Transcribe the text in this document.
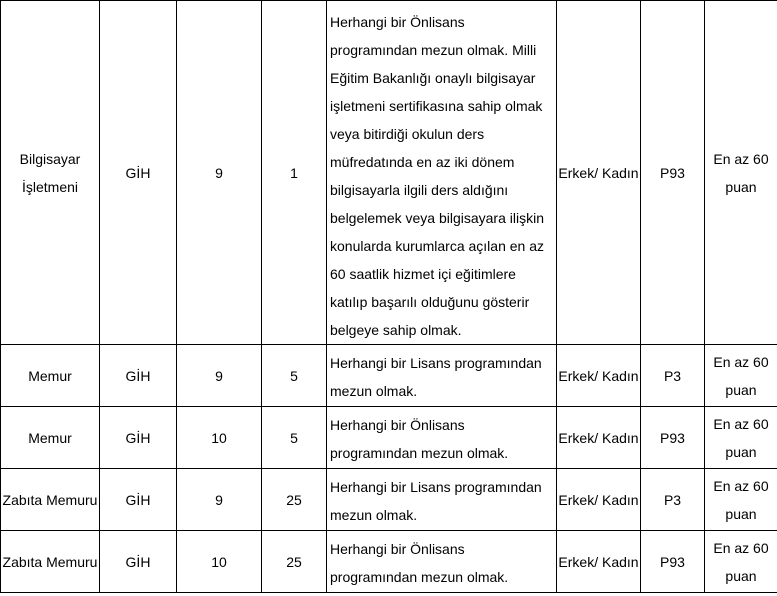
Bilgisayar İşletmeni	GİH	9	1	Herhangi bir Önlisans programından mezun olmak. Milli Eğitim Bakanlığı onaylı bilgisayar işletmeni sertifikasına sahip olmak veya bitirdiği okulun ders müfredatında en az iki dönem bilgisayarla ilgili ders aldığını belgelemek veya bilgisayara ilişkin konularda kurumlarca açılan en az 60 saatlik hizmet içi eğitimlere katılıp başarılı olduğunu gösterir belgeye sahip olmak.	Erkek/ Kadın	P93	En az 60 puan
Memur	GİH	9	5	Herhangi bir Lisans programından mezun olmak.	Erkek/ Kadın	P3	En az 60 puan
Memur	GİH	10	5	Herhangi bir Önlisans programından mezun olmak.	Erkek/ Kadın	P93	En az 60 puan
Zabıta Memuru	GİH	9	25	Herhangi bir Lisans programından mezun olmak.	Erkek/ Kadın	P3	En az 60 puan
Zabıta Memuru	GİH	10	25	Herhangi bir Önlisans programından mezun olmak.	Erkek/ Kadın	P93	En az 60 puan
